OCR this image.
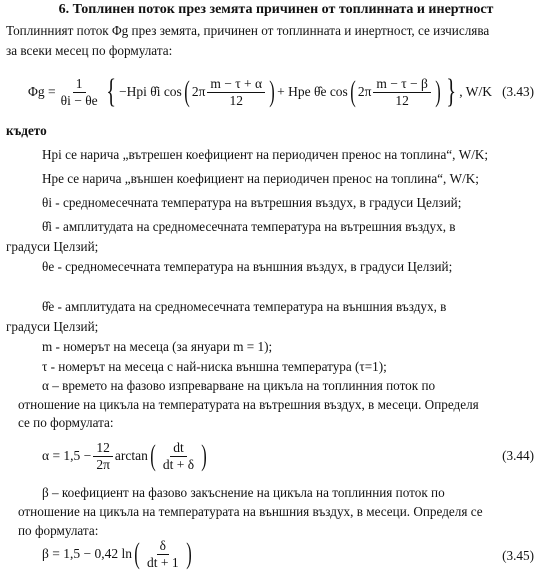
6. Топлинен поток през земята причинен от топлинната и инертност
Топлинният поток Φg през земята, причинен от топлинната и инертност, се изчислява
за всеки месец по формулата:
$\Phi g = \frac{1}{\theta i - \theta e}$ { −Hpi θ̂i cos ( $2\pi \frac{m - \tau + \alpha}{12}$ ) + Hpe θ̂e cos ( $2\pi \frac{m - \tau - \beta}{12}$ ) } , W/K (3.43)
където
Hpi се нарича „вътрешен коефициент на периодичен пренос на топлина“, W/K;
Hpe се нарича „външен коефициент на периодичен пренос на топлина“, W/K;
θi - средномесечната температура на вътрешния въздух, в градуси Целзий;
θ̂i - амплитудата на средномесечната температура на вътрешния въздух, в
градуси Целзий;
θe - средномесечната температура на външния въздух, в градуси Целзий;
θ̂e - амплитудата на средномесечната температура на външния въздух, в
градуси Целзий;
m - номерът на месеца (за януари m = 1);
τ - номерът на месеца с най-ниска външна температура (τ=1);
α – времето на фазово изпреварване на цикъла на топлинния поток по
отношение на цикъла на температурата на вътрешния въздух, в месеци. Определя
се по формулата:
$\alpha = 1,5 - \frac{12}{2\pi}$ arctan ( $\frac{dt}{dt + \delta}$ )	(3.44)
β – коефициент на фазово закъснение на цикъла на топлинния поток по
отношение на цикъла на температурата на външния въздух, в месеци. Определя се
по формулата:
β = 1,5 − 0,42 ln ( $\frac{\delta}{dt + 1}$ )	(3.45)
